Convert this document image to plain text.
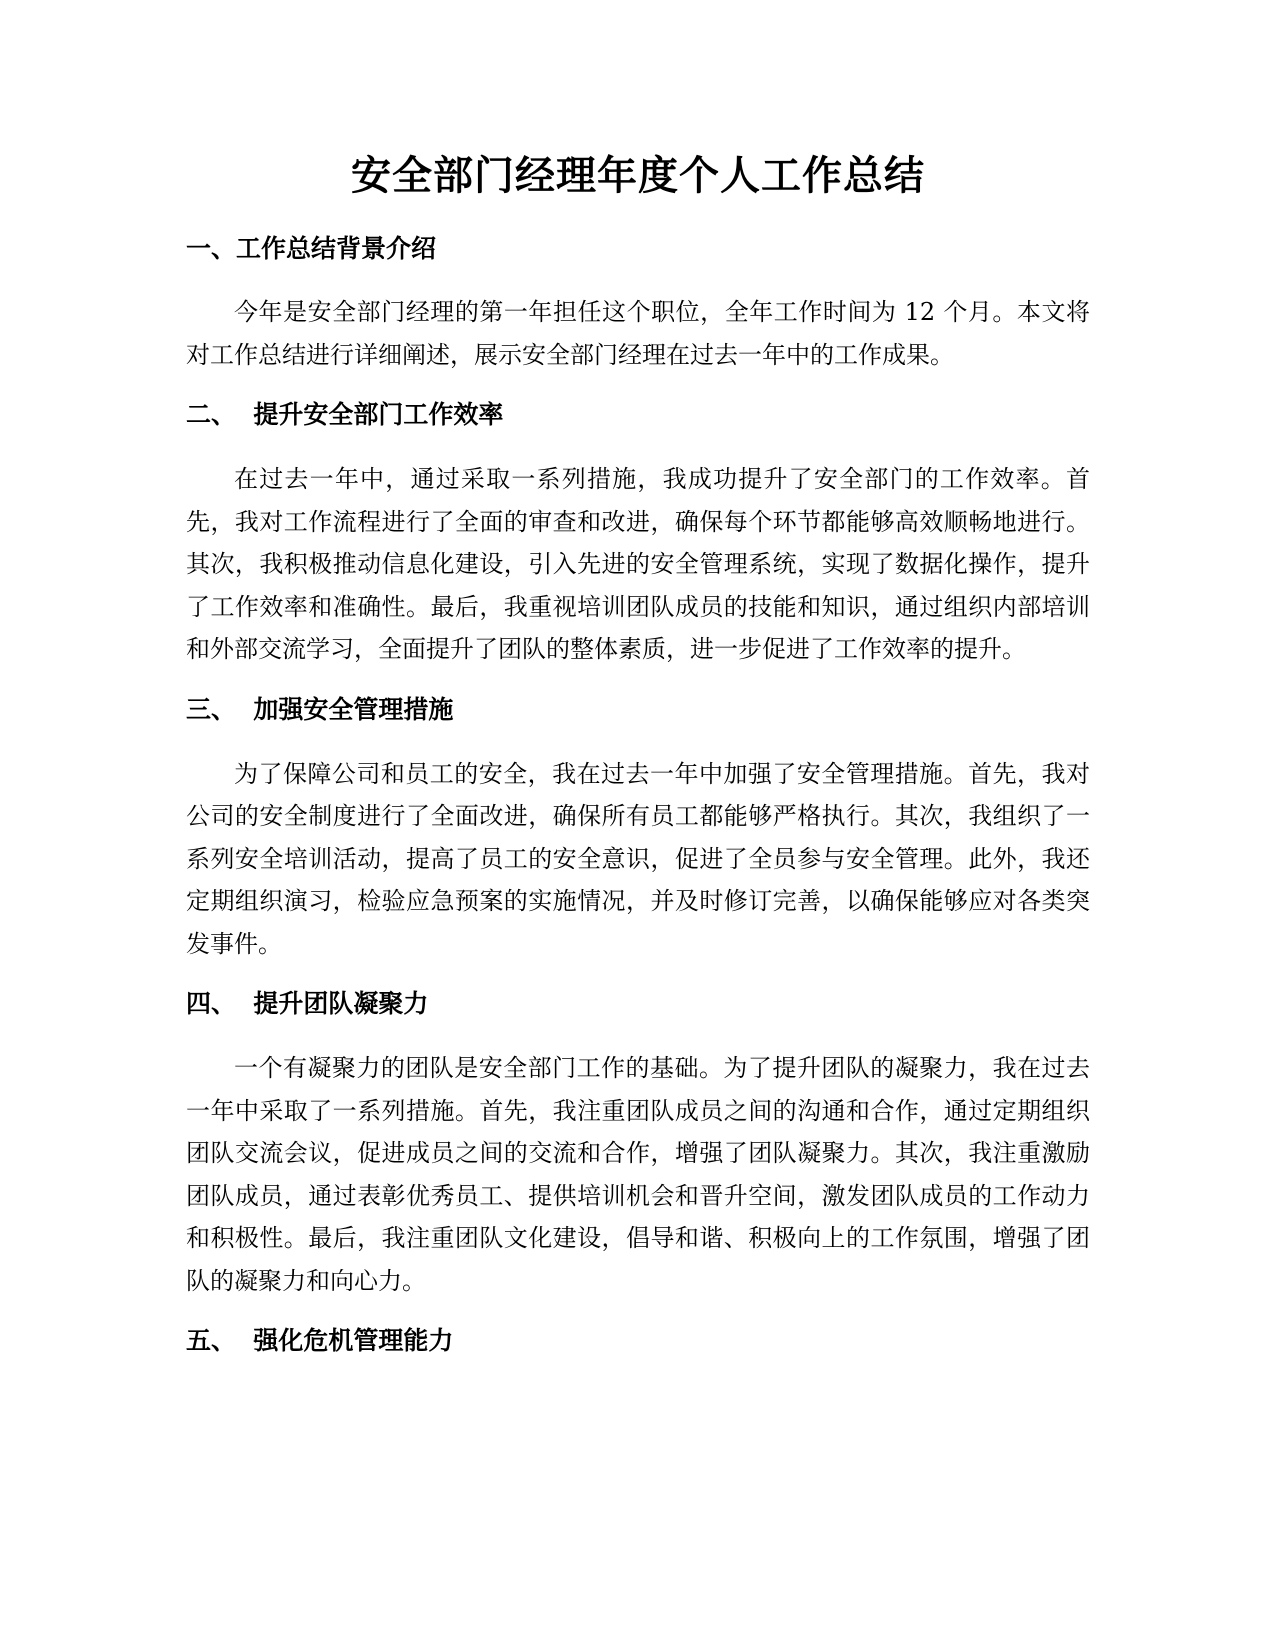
安全部门经理年度个人工作总结
一、工作总结背景介绍

今年是安全部门经理的第一年担任这个职位，全年工作时间为 12 个月。本文将对工作总结进行详细阐述，展示安全部门经理在过去一年中的工作成果。

二、  提升安全部门工作效率

在过去一年中，通过采取一系列措施，我成功提升了安全部门的工作效率。首先，我对工作流程进行了全面的审查和改进，确保每个环节都能够高效顺畅地进行。其次，我积极推动信息化建设，引入先进的安全管理系统，实现了数据化操作，提升了工作效率和准确性。最后，我重视培训团队成员的技能和知识，通过组织内部培训和外部交流学习，全面提升了团队的整体素质，进一步促进了工作效率的提升。

三、  加强安全管理措施

为了保障公司和员工的安全，我在过去一年中加强了安全管理措施。首先，我对公司的安全制度进行了全面改进，确保所有员工都能够严格执行。其次，我组织了一系列安全培训活动，提高了员工的安全意识，促进了全员参与安全管理。此外，我还定期组织演习，检验应急预案的实施情况，并及时修订完善，以确保能够应对各类突发事件。

四、  提升团队凝聚力

一个有凝聚力的团队是安全部门工作的基础。为了提升团队的凝聚力，我在过去一年中采取了一系列措施。首先，我注重团队成员之间的沟通和合作，通过定期组织团队交流会议，促进成员之间的交流和合作，增强了团队凝聚力。其次，我注重激励团队成员，通过表彰优秀员工、提供培训机会和晋升空间，激发团队成员的工作动力和积极性。最后，我注重团队文化建设，倡导和谐、积极向上的工作氛围，增强了团队的凝聚力和向心力。

五、  强化危机管理能力
